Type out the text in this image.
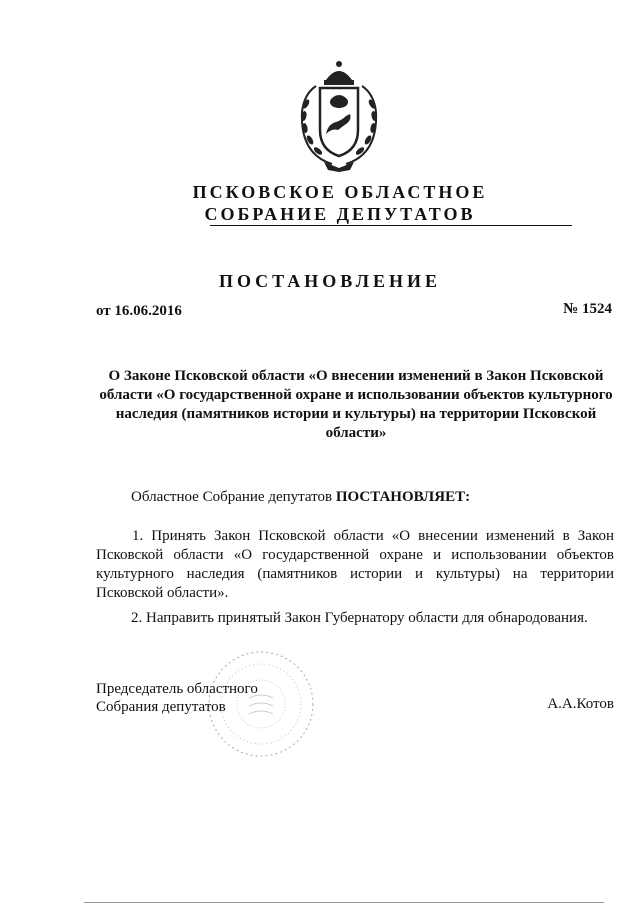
ПСКОВСКОЕ ОБЛАСТНОЕ
СОБРАНИЕ ДЕПУТАТОВ
ПОСТАНОВЛЕНИЕ
от 16.06.2016	№ 1524
О Законе Псковской области «О внесении изменений в Закон Псковской области «О государственной охране и использовании объектов культурного наследия (памятников истории и культуры) на территории Псковской области»
Областное Собрание депутатов ПОСТАНОВЛЯЕТ:
1. Принять Закон Псковской области «О внесении изменений в Закон Псковской области «О государственной охране и использовании объектов культурного наследия (памятников истории и культуры) на территории Псковской области».
2. Направить принятый Закон Губернатору области для обнародования.
Председатель областного
Собрания депутатов	А.А.Котов
